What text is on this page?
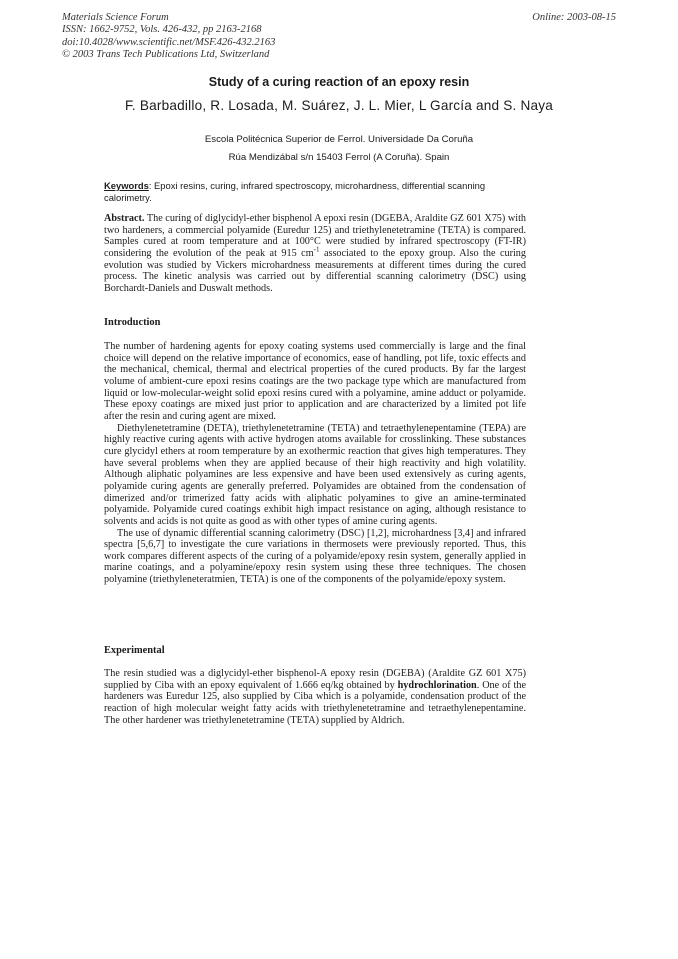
Materials Science Forum
ISSN: 1662-9752, Vols. 426-432, pp 2163-2168
doi:10.4028/www.scientific.net/MSF.426-432.2163
© 2003 Trans Tech Publications Ltd, Switzerland
Online: 2003-08-15
Study of a curing reaction of an epoxy resin
F. Barbadillo, R. Losada, M. Suárez, J. L. Mier, L García and S. Naya
Escola Politécnica Superior de Ferrol. Universidade Da Coruña
Rúa Mendizábal s/n 15403 Ferrol (A Coruña). Spain
Keywords: Epoxi resins, curing, infrared spectroscopy, microhardness, differential scanning calorimetry.

Abstract. The curing of diglycidyl-ether bisphenol A epoxi resin (DGEBA, Araldite GZ 601 X75) with two hardeners, a commercial polyamide (Euredur 125) and triethylenetetramine (TETA) is compared. Samples cured at room temperature and at 100°C were studied by infrared spectroscopy (FT-IR) considering the evolution of the peak at 915 $cm^{-1}$ associated to the epoxy group. Also the curing evolution was studied by Vickers microhardness measurements at different times during the cured process. The kinetic analysis was carried out by differential scanning calorimetry (DSC) using Borchardt-Daniels and Duswalt methods.

Introduction

The number of hardening agents for epoxy coating systems used commercially is large and the final choice will depend on the relative importance of economics, ease of handling, pot life, toxic effects and the mechanical, chemical, thermal and electrical properties of the cured products. By far the largest volume of ambient-cure epoxi resins coatings are the two package type which are manufactured from liquid or low-molecular-weight solid epoxi resins cured with a polyamine, amine adduct or polyamide. These epoxy coatings are mixed just prior to application and are characterized by a limited pot life after the resin and curing agent are mixed.

Diethylenetetramine (DETA), triethylenetetramine (TETA) and tetraethylenepentamine (TEPA) are highly reactive curing agents with active hydrogen atoms available for crosslinking. These substances cure glycidyl ethers at room temperature by an exothermic reaction that gives high temperatures. They have several problems when they are applied because of their high reactivity and high volatility. Although aliphatic polyamines are less expensive and have been used extensively as curing agents, polyamide curing agents are generally preferred. Polyamides are obtained from the condensation of dimerized and/or trimerized fatty acids with aliphatic polyamines to give an amine-terminated polyamide. Polyamide cured coatings exhibit high impact resistance on aging, although resistance to solvents and acids is not quite as good as with other types of amine curing agents.

The use of dynamic differential scanning calorimetry (DSC) [1,2], microhardness [3,4] and infrared spectra [5,6,7] to investigate the cure variations in thermosets were previously reported. Thus, this work compares different aspects of the curing of a polyamide/epoxy resin system, generally applied in marine coatings, and a polyamine/epoxy resin system using these three techniques. The chosen polyamine (triethyleneteratmien, TETA) is one of the components of the polyamide/epoxy system.

Experimental

The resin studied was a diglycidyl-ether bisphenol-A epoxy resin (DGEBA) (Araldite GZ 601 X75) supplied by Ciba with an epoxy equivalent of 1.666 eq/kg obtained by hydrochlorination. One of the hardeners was Euredur 125, also supplied by Ciba which is a polyamide, condensation product of the reaction of high molecular weight fatty acids with triethylenetetramine and tetraethylenepentamine. The other hardener was triethylenetetramine (TETA) supplied by Aldrich.
